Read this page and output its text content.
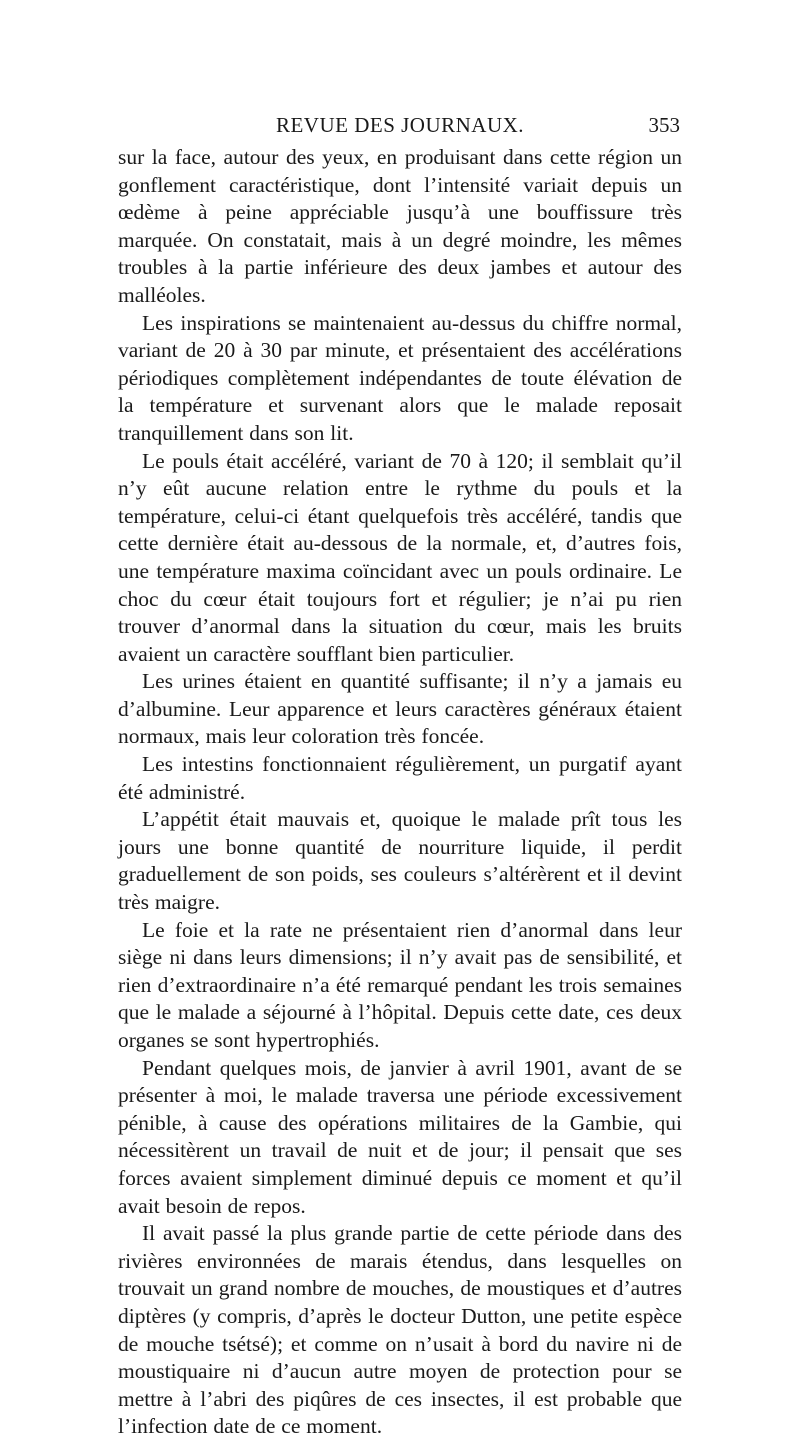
REVUE DES JOURNAUX.	353

sur la face, autour des yeux, en produisant dans cette région un gonflement caractéristique, dont l’intensité variait depuis un œdème à peine appréciable jusqu’à une bouffissure très marquée. On constatait, mais à un degré moindre, les mêmes troubles à la partie inférieure des deux jambes et autour des malléoles.

Les inspirations se maintenaient au-dessus du chiffre normal, variant de 20 à 30 par minute, et présentaient des accélérations périodiques complètement indépendantes de toute élévation de la température et survenant alors que le malade reposait tranquillement dans son lit.

Le pouls était accéléré, variant de 70 à 120; il semblait qu’il n’y eût aucune relation entre le rythme du pouls et la température, celui-ci étant quelquefois très accéléré, tandis que cette dernière était au-dessous de la normale, et, d’autres fois, une température maxima coïncidant avec un pouls ordinaire. Le choc du cœur était toujours fort et régulier; je n’ai pu rien trouver d’anormal dans la situation du cœur, mais les bruits avaient un caractère soufflant bien particulier.

Les urines étaient en quantité suffisante; il n’y a jamais eu d’albumine. Leur apparence et leurs caractères généraux étaient normaux, mais leur coloration très foncée.

Les intestins fonctionnaient régulièrement, un purgatif ayant été administré.

L’appétit était mauvais et, quoique le malade prît tous les jours une bonne quantité de nourriture liquide, il perdit graduellement de son poids, ses couleurs s’altérèrent et il devint très maigre.

Le foie et la rate ne présentaient rien d’anormal dans leur siège ni dans leurs dimensions; il n’y avait pas de sensibilité, et rien d’extraordinaire n’a été remarqué pendant les trois semaines que le malade a séjourné à l’hôpital. Depuis cette date, ces deux organes se sont hypertrophiés.

Pendant quelques mois, de janvier à avril 1901, avant de se présenter à moi, le malade traversa une période excessivement pénible, à cause des opérations militaires de la Gambie, qui nécessitèrent un travail de nuit et de jour; il pensait que ses forces avaient simplement diminué depuis ce moment et qu’il avait besoin de repos.

Il avait passé la plus grande partie de cette période dans des rivières environnées de marais étendus, dans lesquelles on trouvait un grand nombre de mouches, de moustiques et d’autres diptères (y compris, d’après le docteur Dutton, une petite espèce de mouche tsétsé); et comme on n’usait à bord du navire ni de moustiquaire ni d’aucun autre moyen de protection pour se mettre à l’abri des piqûres de ces insectes, il est probable que l’infection date de ce moment.
